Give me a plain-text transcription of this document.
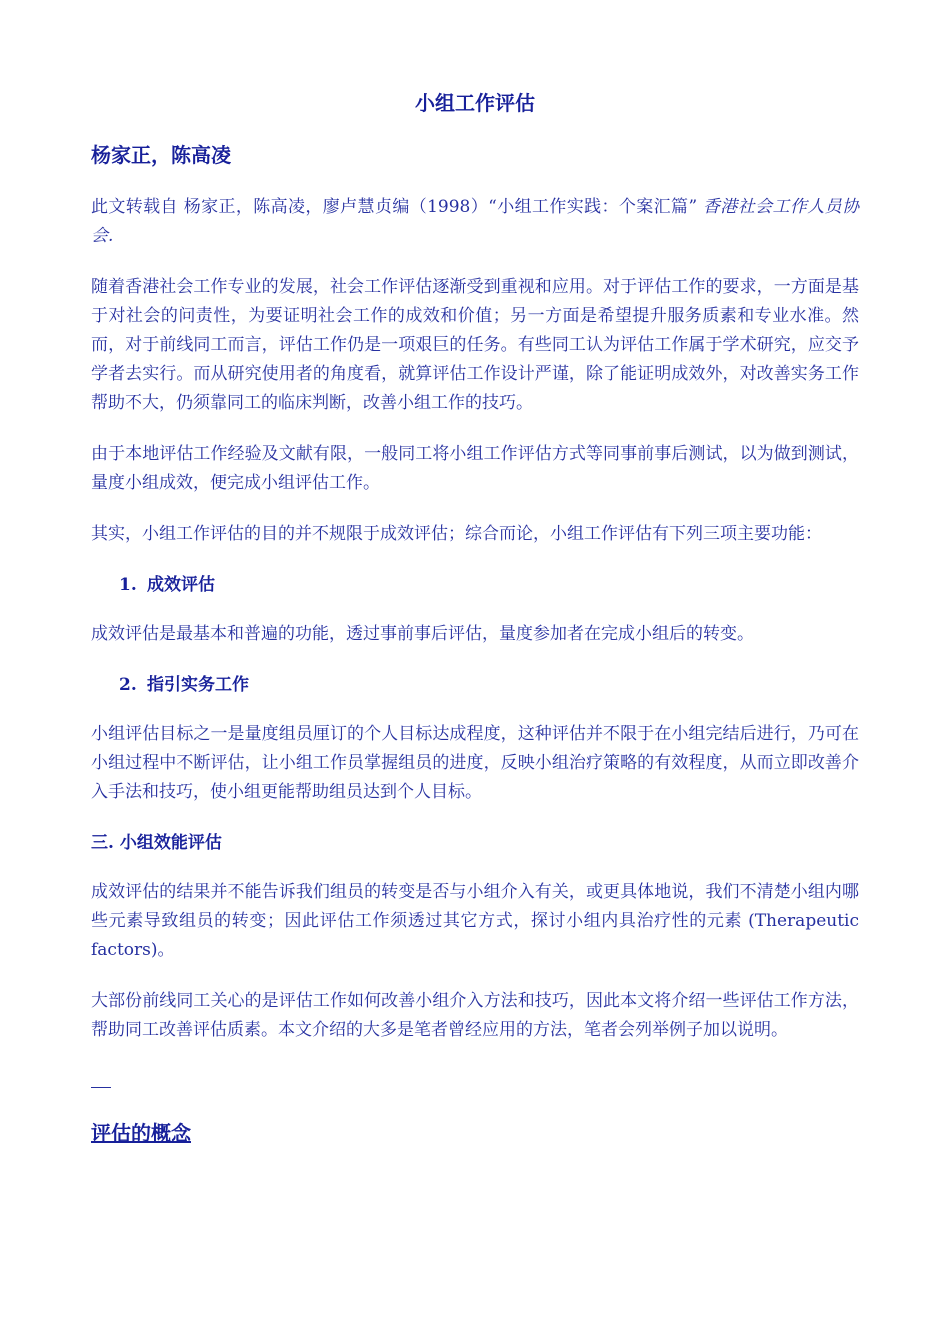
小组工作评估
杨家正，陈高凌

此文转载自 杨家正，陈高凌，廖卢慧贞编（1998）“小组工作实践：个案汇篇” 香港社会工作人员协会.

随着香港社会工作专业的发展，社会工作评估逐渐受到重视和应用。对于评估工作的要求，一方面是基于对社会的问责性，为要证明社会工作的成效和价值；另一方面是希望提升服务质素和专业水准。然而，对于前线同工而言，评估工作仍是一项艰巨的任务。有些同工认为评估工作属于学术研究，应交予学者去实行。而从研究使用者的角度看，就算评估工作设计严谨，除了能证明成效外，对改善实务工作帮助不大，仍须靠同工的临床判断，改善小组工作的技巧。

由于本地评估工作经验及文献有限，一般同工将小组工作评估方式等同事前事后测试，以为做到测试，量度小组成效，便完成小组评估工作。

其实，小组工作评估的目的并不规限于成效评估；综合而论，小组工作评估有下列三项主要功能：

1. 成效评估

成效评估是最基本和普遍的功能，透过事前事后评估，量度参加者在完成小组后的转变。

2. 指引实务工作

小组评估目标之一是量度组员厘订的个人目标达成程度，这种评估并不限于在小组完结后进行，乃可在小组过程中不断评估，让小组工作员掌握组员的进度，反映小组治疗策略的有效程度，从而立即改善介入手法和技巧，使小组更能帮助组员达到个人目标。

三. 小组效能评估

成效评估的结果并不能告诉我们组员的转变是否与小组介入有关，或更具体地说，我们不清楚小组内哪些元素导致组员的转变；因此评估工作须透过其它方式，探讨小组内具治疗性的元素 (Therapeutic factors)。

大部份前线同工关心的是评估工作如何改善小组介入方法和技巧，因此本文将介绍一些评估工作方法，帮助同工改善评估质素。本文介绍的大多是笔者曾经应用的方法，笔者会列举例子加以说明。

评估的概念
